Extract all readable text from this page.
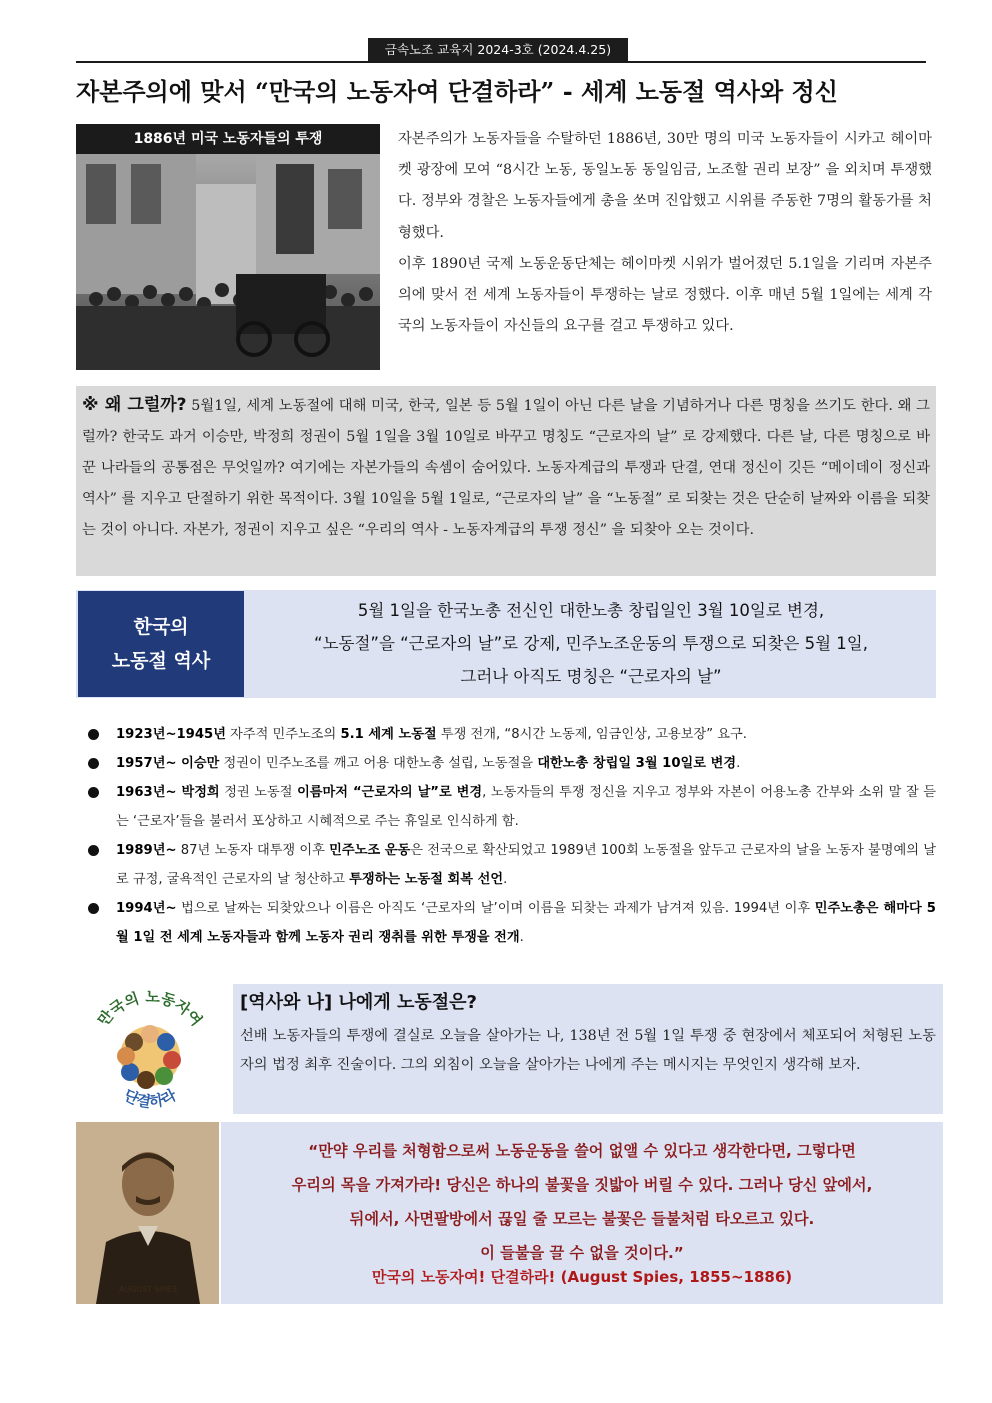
금속노조 교육지 2024-3호 (2024.4.25)
자본주의에 맞서 “만국의 노동자여 단결하라” - 세계 노동절 역사와 정신
1886년 미국 노동자들의 투쟁	자본주의가 노동자들을 수탈하던 1886년, 30만 명의 미국 노동자들이 시카고 헤이마켓 광장에 모여 “8시간 노동, 동일노동 동일임금, 노조할 권리 보장” 을 외치며 투쟁했다. 정부와 경찰은 노동자들에게 총을 쏘며 진압했고 시위를 주동한 7명의 활동가를 처형했다.

이후 1890년 국제 노동운동단체는 헤이마켓 시위가 벌어졌던 5.1일을 기리며 자본주의에 맞서 전 세계 노동자들이 투쟁하는 날로 정했다. 이후 매년 5월 1일에는 세계 각국의 노동자들이 자신들의 요구를 걸고 투쟁하고 있다.

※ 왜 그럴까? 5월1일, 세계 노동절에 대해 미국, 한국, 일본 등 5월 1일이 아닌 다른 날을 기념하거나 다른 명칭을 쓰기도 한다. 왜 그럴까? 한국도 과거 이승만, 박정희 정권이 5월 1일을 3월 10일로 바꾸고 명칭도 “근로자의 날” 로 강제했다. 다른 날, 다른 명칭으로 바꾼 나라들의 공통점은 무엇일까? 여기에는 자본가들의 속셈이 숨어있다. 노동자계급의 투쟁과 단결, 연대 정신이 깃든 “메이데이 정신과 역사” 를 지우고 단절하기 위한 목적이다. 3월 10일을 5월 1일로, “근로자의 날” 을 “노동절” 로 되찾는 것은 단순히 날짜와 이름을 되찾는 것이 아니다. 자본가, 정권이 지우고 싶은 “우리의 역사 - 노동자계급의 투쟁 정신” 을 되찾아 오는 것이다.
한국의
노동절 역사
5월 1일을 한국노총 전신인 대한노총 창립일인 3월 10일로 변경,
“노동절”을 “근로자의 날”로 강제, 민주노조운동의 투쟁으로 되찾은 5월 1일,
그러나 아직도 명칭은 “근로자의 날”
1923년~1945년 자주적 민주노조의 5.1 세계 노동절 투쟁 전개, “8시간 노동제, 임금인상, 고용보장” 요구.
1957년~ 이승만 정권이 민주노조를 깨고 어용 대한노총 설립, 노동절을 대한노총 창립일 3월 10일로 변경.
1963년~ 박정희 정권 노동절 이름마저 “근로자의 날”로 변경, 노동자들의 투쟁 정신을 지우고 정부와 자본이 어용노총 간부와 소위 말 잘 듣는 ‘근로자’들을 불러서 포상하고 시혜적으로 주는 휴일로 인식하게 함.
1989년~ 87년 노동자 대투쟁 이후 민주노조 운동은 전국으로 확산되었고 1989년 100회 노동절을 앞두고 근로자의 날을 노동자 불명예의 날로 규정, 굴욕적인 근로자의 날 청산하고 투쟁하는 노동절 회복 선언.
1994년~ 법으로 날짜는 되찾았으나 이름은 아직도 ‘근로자의 날’이며 이름을 되찾는 과제가 남겨져 있음. 1994년 이후 민주노총은 해마다 5월 1일 전 세계 노동자들과 함께 노동자 권리 쟁취를 위한 투쟁을 전개.
만국의 노동자여
단결하라
[역사와 나] 나에게 노동절은?
선배 노동자들의 투쟁에 결실로 오늘을 살아가는 나, 138년 전 5월 1일 투쟁 중 현장에서 체포되어 처형된 노동자의 법정 최후 진술이다. 그의 외침이 오늘을 살아가는 나에게 주는 메시지는 무엇인지 생각해 보자.
AUGUST SPIES
“만약 우리를 처형함으로써 노동운동을 쓸어 없앨 수 있다고 생각한다면, 그렇다면
우리의 목을 가져가라! 당신은 하나의 불꽃을 짓밟아 버릴 수 있다. 그러나 당신 앞에서,
뒤에서, 사면팔방에서 끊일 줄 모르는 불꽃은 들불처럼 타오르고 있다.
이 들불을 끌 수 없을 것이다.”
만국의 노동자여! 단결하라! (August Spies, 1855~1886)
